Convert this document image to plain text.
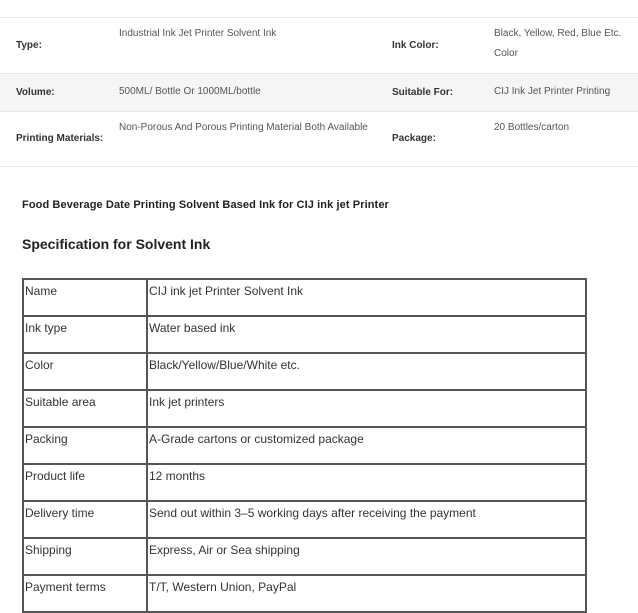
Type:	Industrial Ink Jet Printer Solvent Ink	Ink Color:	Black, Yellow, Red, Blue Etc. Color
Volume:	500ML/ Bottle Or 1000ML/bottle	Suitable For:	CIJ Ink Jet Printer Printing
Printing Materials:	Non-Porous And Porous Printing Material Both Available	Package:	20 Bottles/carton
Food Beverage Date Printing Solvent Based Ink for CIJ ink jet Printer
Specification for Solvent Ink
Name	CIJ ink jet Printer Solvent Ink
Ink type	Water based ink
Color	Black/Yellow/Blue/White etc.
Suitable area	Ink jet printers
Packing	A-Grade cartons or customized package
Product life	12 months
Delivery time	Send out within 3–5 working days after receiving the payment
Shipping	Express, Air or Sea shipping
Payment terms	T/T, Western Union, PayPal
